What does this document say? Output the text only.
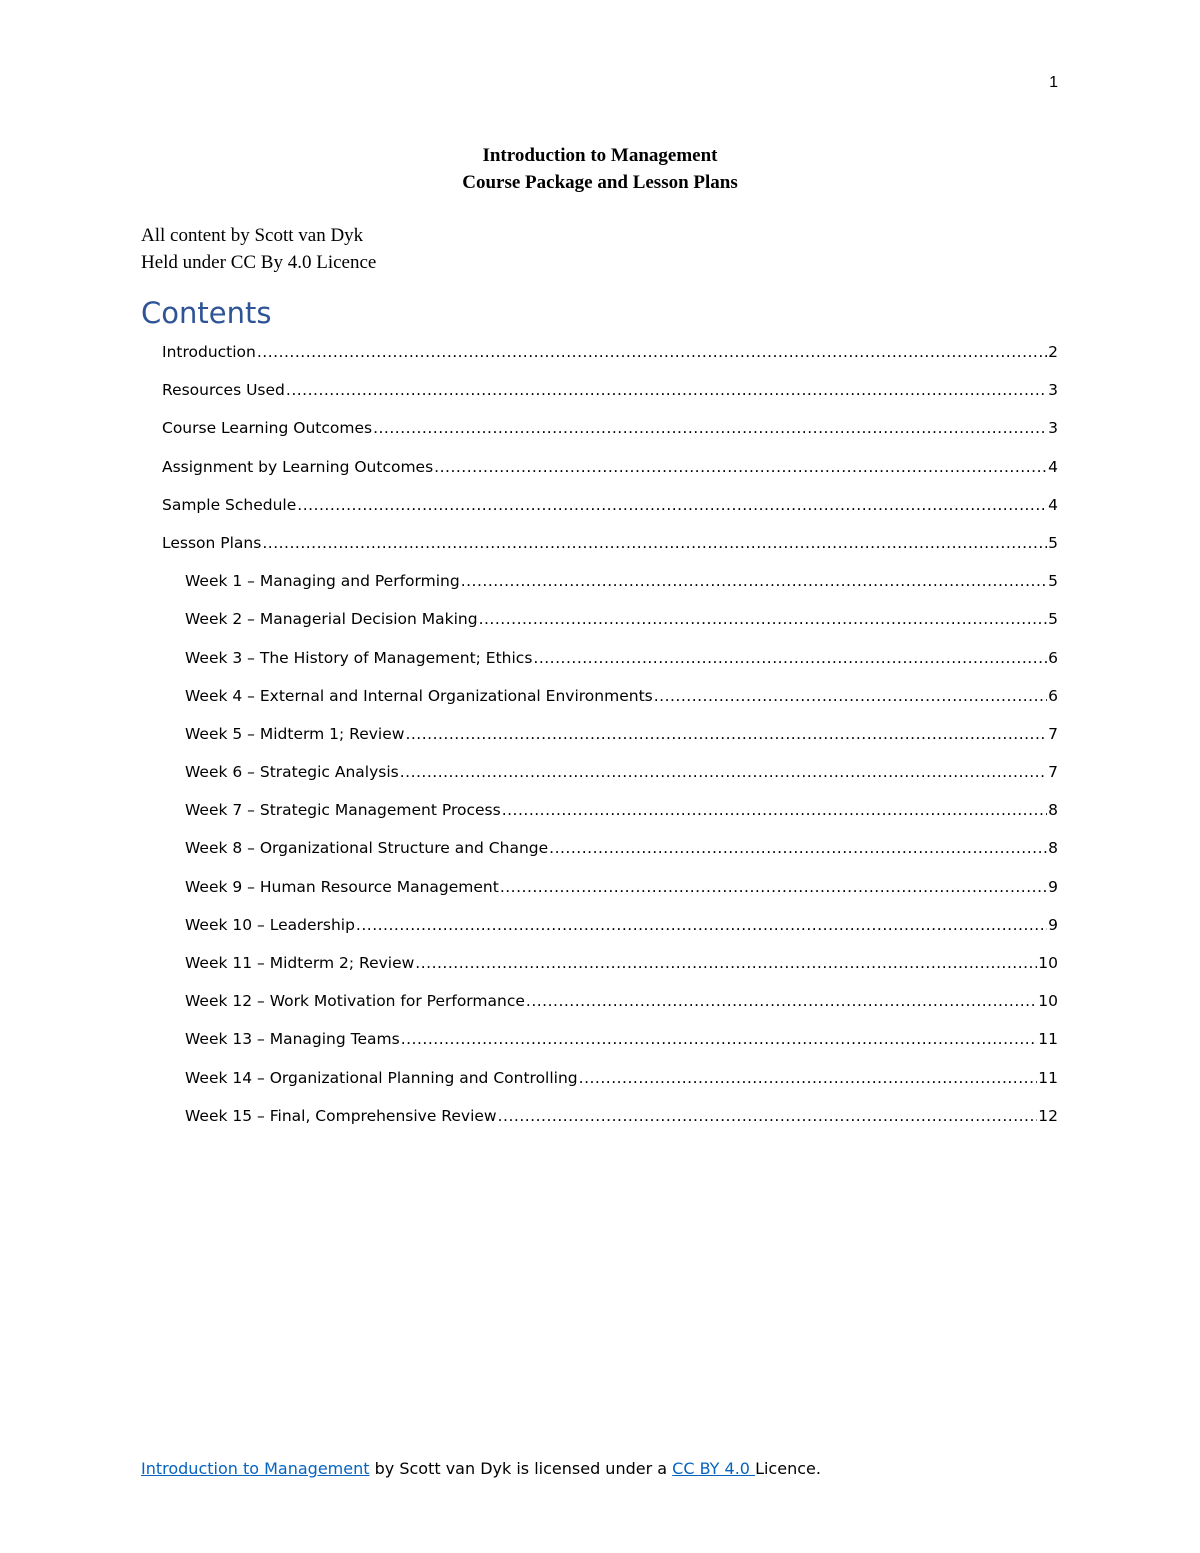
1
Introduction to Management
Course Package and Lesson Plans
All content by Scott van Dyk
Held under CC By 4.0 Licence
Contents
Introduction .....	2
Resources Used .....	3
Course Learning Outcomes .....	3
Assignment by Learning Outcomes .....	4
Sample Schedule .....	4
Lesson Plans .....	5
Week 1 – Managing and Performing .....	5
Week 2 – Managerial Decision Making .....	5
Week 3 – The History of Management; Ethics .....	6
Week 4 – External and Internal Organizational Environments .....	6
Week 5 – Midterm 1; Review .....	7
Week 6 – Strategic Analysis .....	7
Week 7 – Strategic Management Process .....	8
Week 8 – Organizational Structure and Change .....	8
Week 9 – Human Resource Management .....	9
Week 10 – Leadership .....	9
Week 11 – Midterm 2; Review .....	10
Week 12 – Work Motivation for Performance .....	10
Week 13 – Managing Teams .....	11
Week 14 – Organizational Planning and Controlling .....	11
Week 15 – Final, Comprehensive Review .....	12
Introduction to Management by Scott van Dyk is licensed under a CC BY 4.0 Licence.
